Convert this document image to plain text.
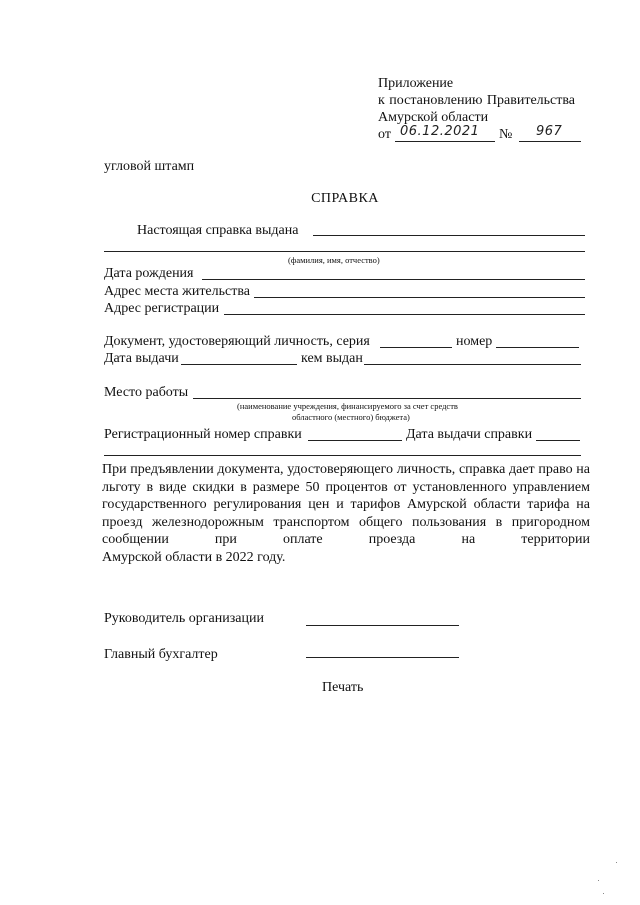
Приложение
к постановлению Правительства
Амурской области
от 06.12.2021 № 967
угловой штамп
СПРАВКА
Настоящая справка выдана
(фамилия, имя, отчество)
Дата рождения
Адрес места жительства
Адрес регистрации
Документ, удостоверяющий личность, серия	номер
Дата выдачи	кем выдан
Место работы
(наименование учреждения, финансируемого за счет средств
областного (местного) бюджета)
Регистрационный номер справки	Дата выдачи справки
При предъявлении документа, удостоверяющего личность, справка дает право на льготу в виде скидки в размере 50 процентов от установленного управлением государственного регулирования цен и тарифов Амурской области тарифа на проезд железнодорожным транспортом общего пользования в пригородном сообщении при оплате проезда на территории
Амурской области в 2022 году.
Руководитель организации
Главный бухгалтер
Печать
